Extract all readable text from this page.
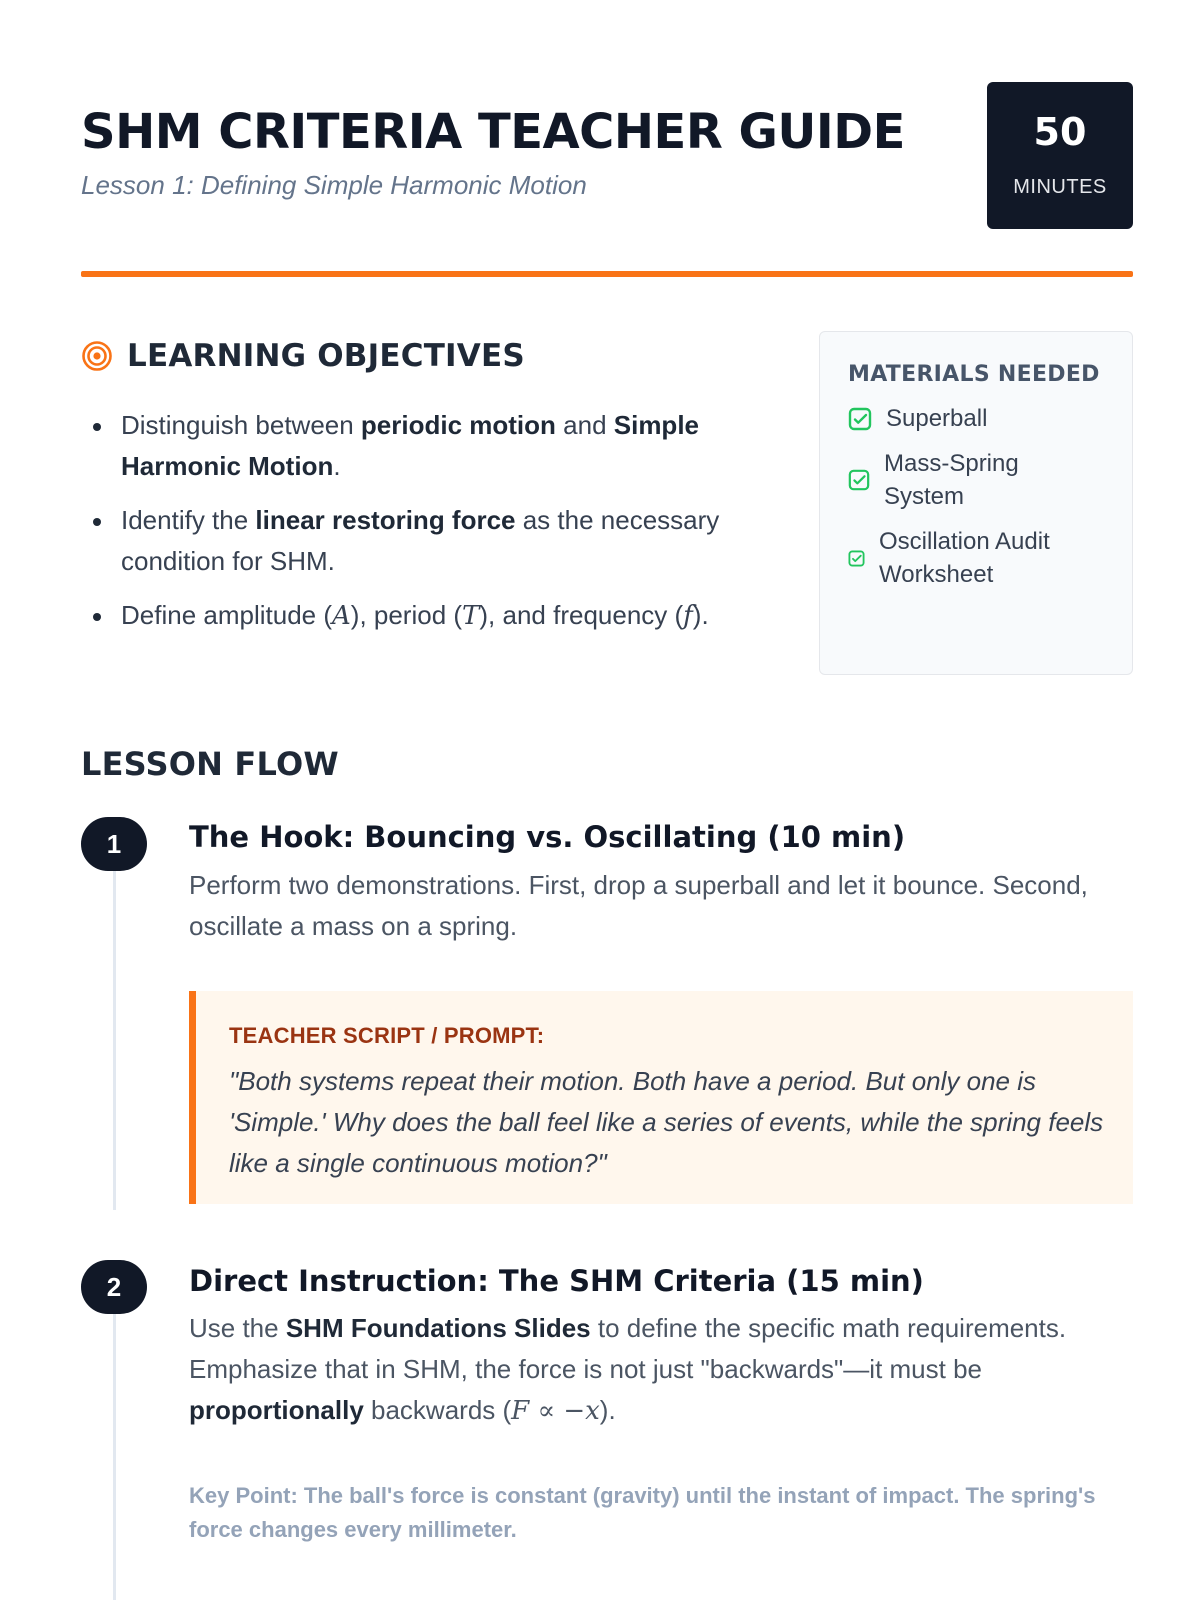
SHM CRITERIA TEACHER GUIDE
Lesson 1: Defining Simple Harmonic Motion
50
MINUTES
LEARNING OBJECTIVES
Distinguish between periodic motion and Simple Harmonic Motion.
Identify the linear restoring force as the necessary condition for SHM.
Define amplitude (A), period (T), and frequency (f).
MATERIALS NEEDED
Superball
Mass-Spring System
Oscillation Audit Worksheet
LESSON FLOW
1	The Hook: Bouncing vs. Oscillating (10 min)
Perform two demonstrations. First, drop a superball and let it bounce. Second, oscillate a mass on a spring.
TEACHER SCRIPT / PROMPT:
"Both systems repeat their motion. Both have a period. But only one is 'Simple.' Why does the ball feel like a series of events, while the spring feels like a single continuous motion?"
2	Direct Instruction: The SHM Criteria (15 min)
Use the SHM Foundations Slides to define the specific math requirements. Emphasize that in SHM, the force is not just "backwards"—it must be proportionally backwards (F ∝ −x).
Key Point: The ball's force is constant (gravity) until the instant of impact. The spring's force changes every millimeter.
